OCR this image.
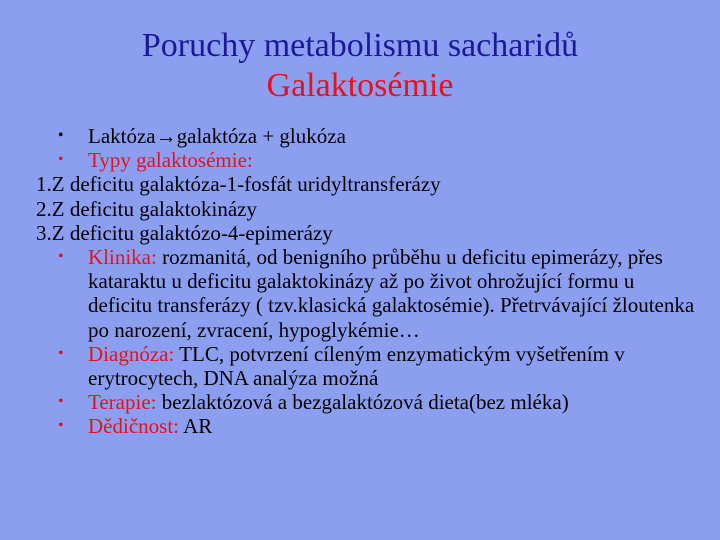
Poruchy metabolismu sacharidů
Galaktosémie
•	Laktóza→galaktóza + glukóza
•	Typy galaktosémie:
1.Z deficitu galaktóza-1-fosfát uridyltransferázy
2.Z deficitu galaktokinázy
3.Z deficitu galaktózo-4-epimerázy
•	Klinika: rozmanitá, od benigního průběhu u deficitu epimerázy, přes kataraktu u deficitu galaktokinázy až po život ohrožující formu u deficitu transferázy ( tzv.klasická galaktosémie). Přetrvávající žloutenka po narození, zvracení, hypoglykémie…
•	Diagnóza: TLC, potvrzení cíleným enzymatickým vyšetřením v erytrocytech, DNA analýza možná
•	Terapie: bezlaktózová a bezgalaktózová dieta(bez mléka)
•	Dědičnost: AR
